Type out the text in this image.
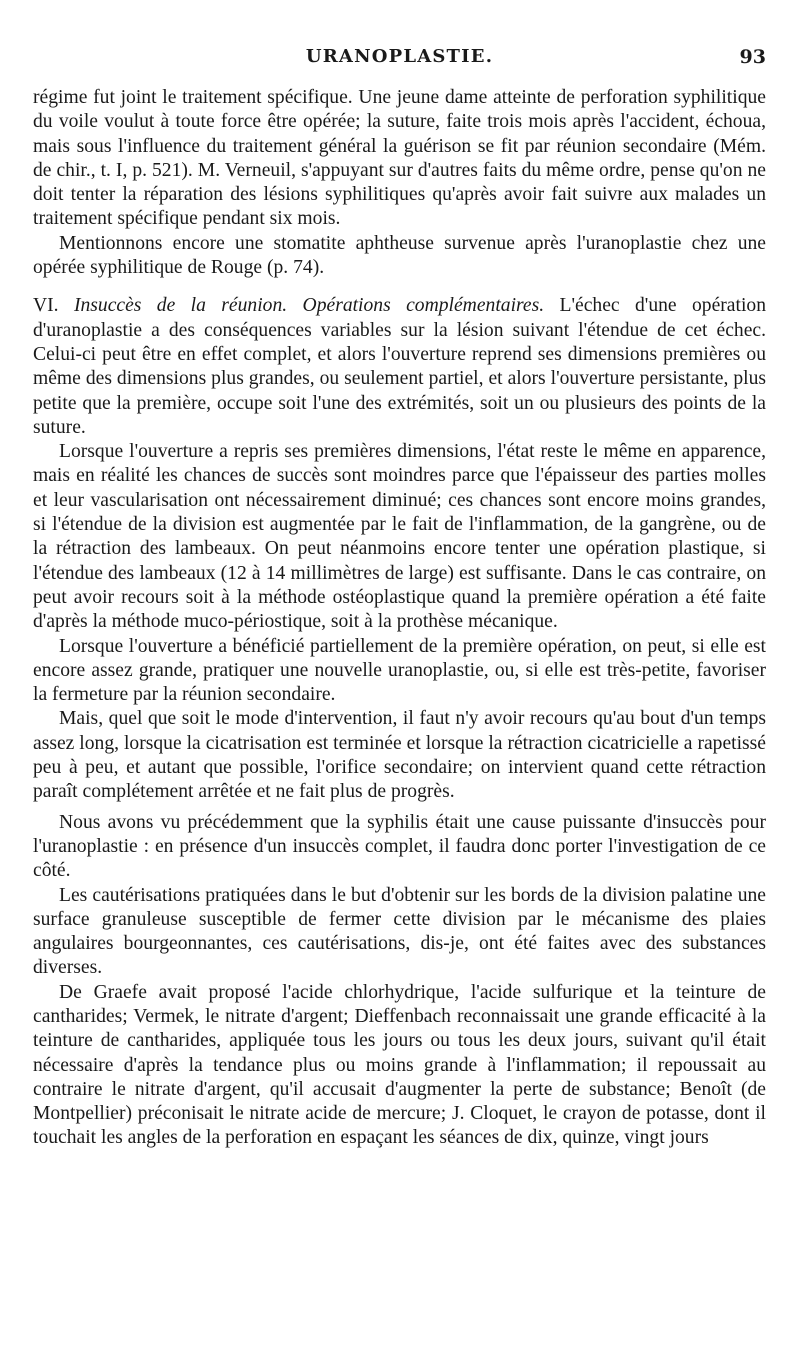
URANOPLASTIE.	93

régime fut joint le traitement spécifique. Une jeune dame atteinte de perforation syphilitique du voile voulut à toute force être opérée; la suture, faite trois mois après l'accident, échoua, mais sous l'influence du traitement général la guérison se fit par réunion secondaire (Mém. de chir., t. I, p. 521). M. Verneuil, s'appuyant sur d'autres faits du même ordre, pense qu'on ne doit tenter la réparation des lésions syphilitiques qu'après avoir fait suivre aux malades un traitement spécifique pendant six mois.

Mentionnons encore une stomatite aphtheuse survenue après l'uranoplastie chez une opérée syphilitique de Rouge (p. 74).

VI. Insuccès de la réunion. Opérations complémentaires. L'échec d'une opération d'uranoplastie a des conséquences variables sur la lésion suivant l'étendue de cet échec. Celui-ci peut être en effet complet, et alors l'ouverture reprend ses dimensions premières ou même des dimensions plus grandes, ou seulement partiel, et alors l'ouverture persistante, plus petite que la première, occupe soit l'une des extrémités, soit un ou plusieurs des points de la suture.

Lorsque l'ouverture a repris ses premières dimensions, l'état reste le même en apparence, mais en réalité les chances de succès sont moindres parce que l'épaisseur des parties molles et leur vascularisation ont nécessairement diminué; ces chances sont encore moins grandes, si l'étendue de la division est augmentée par le fait de l'inflammation, de la gangrène, ou de la rétraction des lambeaux. On peut néanmoins encore tenter une opération plastique, si l'étendue des lambeaux (12 à 14 millimètres de large) est suffisante. Dans le cas contraire, on peut avoir recours soit à la méthode ostéoplastique quand la première opération a été faite d'après la méthode muco-périostique, soit à la prothèse mécanique.

Lorsque l'ouverture a bénéficié partiellement de la première opération, on peut, si elle est encore assez grande, pratiquer une nouvelle uranoplastie, ou, si elle est très-petite, favoriser la fermeture par la réunion secondaire.

Mais, quel que soit le mode d'intervention, il faut n'y avoir recours qu'au bout d'un temps assez long, lorsque la cicatrisation est terminée et lorsque la rétraction cicatricielle a rapetissé peu à peu, et autant que possible, l'orifice secondaire; on intervient quand cette rétraction paraît complétement arrêtée et ne fait plus de progrès.

Nous avons vu précédemment que la syphilis était une cause puissante d'insuccès pour l'uranoplastie : en présence d'un insuccès complet, il faudra donc porter l'investigation de ce côté.

Les cautérisations pratiquées dans le but d'obtenir sur les bords de la division palatine une surface granuleuse susceptible de fermer cette division par le mécanisme des plaies angulaires bourgeonnantes, ces cautérisations, dis-je, ont été faites avec des substances diverses.

De Graefe avait proposé l'acide chlorhydrique, l'acide sulfurique et la teinture de cantharides; Vermek, le nitrate d'argent; Dieffenbach reconnaissait une grande efficacité à la teinture de cantharides, appliquée tous les jours ou tous les deux jours, suivant qu'il était nécessaire d'après la tendance plus ou moins grande à l'inflammation; il repoussait au contraire le nitrate d'argent, qu'il accusait d'augmenter la perte de substance; Benoît (de Montpellier) préconisait le nitrate acide de mercure; J. Cloquet, le crayon de potasse, dont il touchait les angles de la perforation en espaçant les séances de dix, quinze, vingt jours
